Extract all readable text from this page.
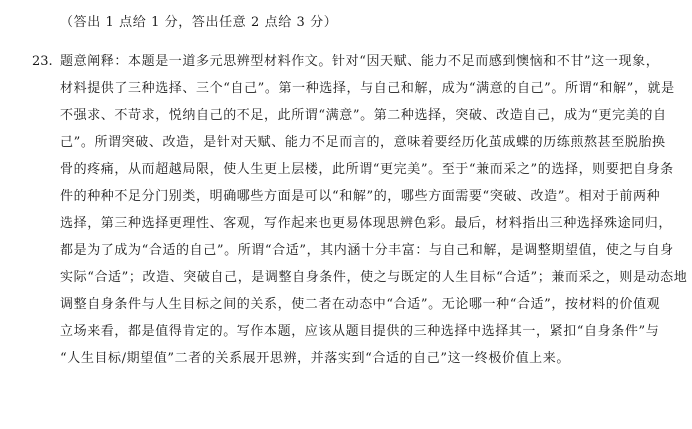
（答出 1 点给 1 分，答出任意 2 点给 3 分）
23. 题意阐释：本题是一道多元思辨型材料作文。针对“因天赋、能力不足而感到懊恼和不甘”这一现象，
材料提供了三种选择、三个“自己”。第一种选择，与自己和解，成为“满意的自己”。所谓“和解”，就是
不强求、不苛求，悦纳自己的不足，此所谓“满意”。第二种选择，突破、改造自己，成为“更完美的自
己”。所谓突破、改造，是针对天赋、能力不足而言的，意味着要经历化茧成蝶的历练煎熬甚至脱胎换
骨的疼痛，从而超越局限，使人生更上层楼，此所谓“更完美”。至于“兼而采之”的选择，则要把自身条
件的种种不足分门别类，明确哪些方面是可以“和解”的，哪些方面需要“突破、改造”。相对于前两种
选择，第三种选择更理性、客观，写作起来也更易体现思辨色彩。最后，材料指出三种选择殊途同归，
都是为了成为“合适的自己”。所谓“合适”，其内涵十分丰富：与自己和解，是调整期望值，使之与自身
实际“合适”；改造、突破自己，是调整自身条件，使之与既定的人生目标“合适”；兼而采之，则是动态地
调整自身条件与人生目标之间的关系，使二者在动态中“合适”。无论哪一种“合适”，按材料的价值观
立场来看，都是值得肯定的。写作本题，应该从题目提供的三种选择中选择其一，紧扣“自身条件”与
“人生目标/期望值”二者的关系展开思辨，并落实到“合适的自己”这一终极价值上来。
